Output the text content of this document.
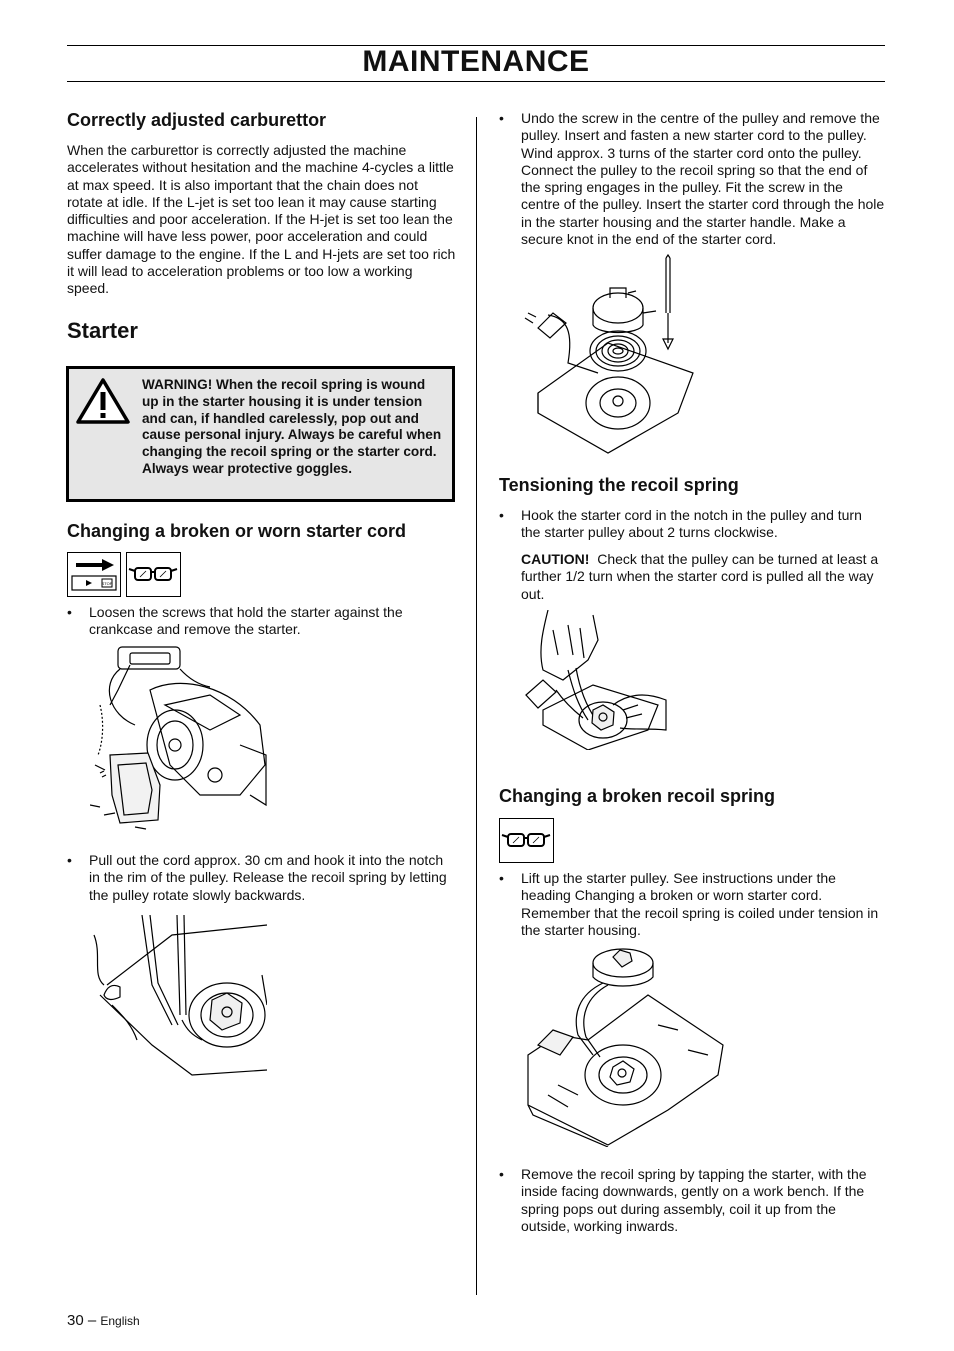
MAINTENANCE
Correctly adjusted carburettor

When the carburettor is correctly adjusted the machine accelerates without hesitation and the machine 4-cycles a little at max speed. It is also important that the chain does not rotate at idle. If the L-jet is set too lean it may cause starting difficulties and poor acceleration. If the H-jet is set too lean the machine will have less power, poor acceleration and could suffer damage to the engine. If the L and H-jets are set too rich it will lead to acceleration problems or too low a working speed.

Starter
WARNING! When the recoil spring is wound up in the starter housing it is under tension and can, if handled carelessly, pop out and cause personal injury. Always be careful when changing the recoil spring or the starter cord. Always wear protective goggles.
Changing a broken or worn starter cord
STOP
•	Loosen the screws that hold the starter against the crankcase and remove the starter.
•	Pull out the cord approx. 30 cm and hook it into the notch in the rim of the pulley. Release the recoil spring by letting the pulley rotate slowly backwards.
•	Undo the screw in the centre of the pulley and remove the pulley. Insert and fasten a new starter cord to the pulley. Wind approx. 3 turns of the starter cord onto the pulley. Connect the pulley to the recoil spring so that the end of the spring engages in the pulley. Fit the screw in the centre of the pulley. Insert the starter cord through the hole in the starter housing and the starter handle. Make a secure knot in the end of the starter cord.
Tensioning the recoil spring
•	Hook the starter cord in the notch in the pulley and turn the starter pulley about 2 turns clockwise.
CAUTION! Check that the pulley can be turned at least a further 1/2 turn when the starter cord is pulled all the way out.
Changing a broken recoil spring
•	Lift up the starter pulley. See instructions under the heading Changing a broken or worn starter cord. Remember that the recoil spring is coiled under tension in the starter housing.
•	Remove the recoil spring by tapping the starter, with the inside facing downwards, gently on a work bench. If the spring pops out during assembly, coil it up from the outside, working inwards.
30 – English
